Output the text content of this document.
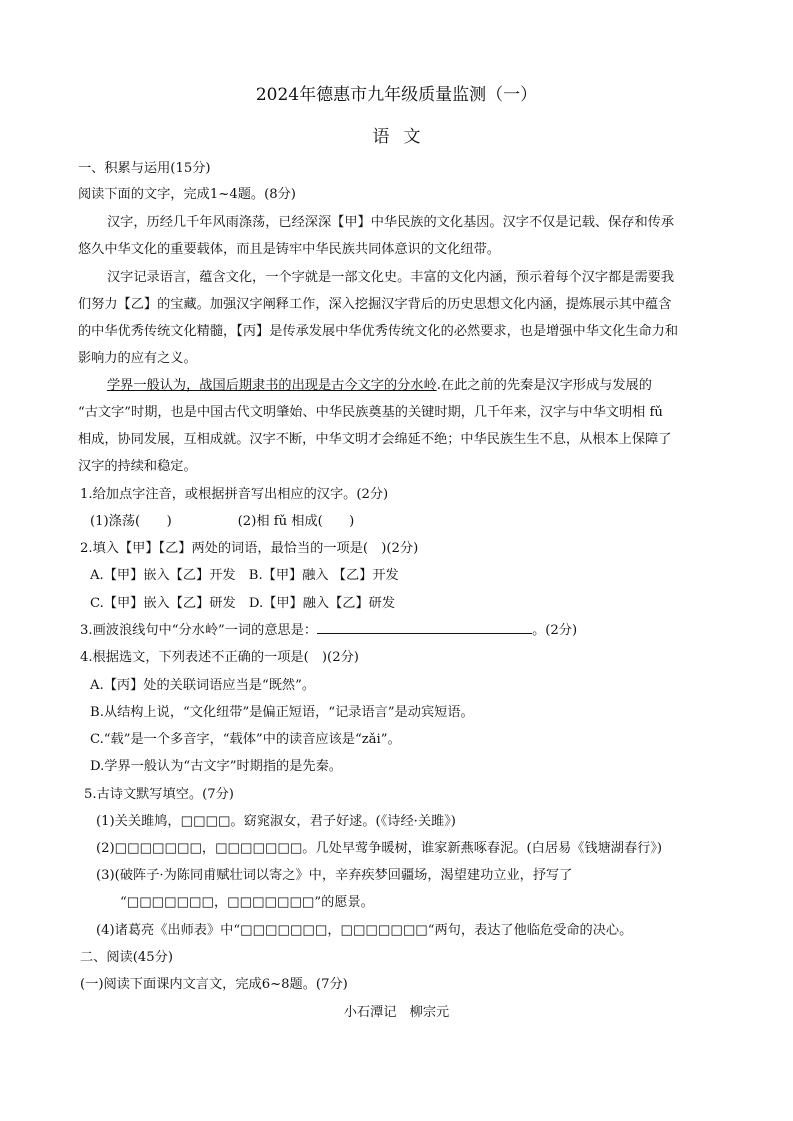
2024年德惠市九年级质量监测（一）
语文
一、积累与运用(15分)
阅读下面的文字，完成1~4题。(8分)
汉字，历经几千年风雨涤荡，已经深深【甲】中华民族的文化基因。汉字不仅是记载、保存和传承
悠久中华文化的重要载体，而且是铸牢中华民族共同体意识的文化纽带。
汉字记录语言，蕴含文化，一个字就是一部文化史。丰富的文化内涵，预示着每个汉字都是需要我
们努力【乙】的宝藏。加强汉字阐释工作，深入挖掘汉字背后的历史思想文化内涵，提炼展示其中蕴含
的中华优秀传统文化精髓，【丙】是传承发展中华优秀传统文化的必然要求，也是增强中华文化生命力和
影响力的应有之义。
学界一般认为，战国后期隶书的出现是古今文字的分水岭.在此之前的先秦是汉字形成与发展的
“古文字”时期，也是中国古代文明肇始、中华民族奠基的关键时期，几千年来，汉字与中华文明相 fǔ
相成，协同发展，互相成就。汉字不断，中华文明才会绵延不绝；中华民族生生不息，从根本上保障了
汉字的持续和稳定。
1.给加点字注音，或根据拼音写出相应的汉字。(2分)
(1)涤荡(　　)　　　　　(2)相 fǔ 相成(　　)
2.填入【甲】【乙】两处的词语，最恰当的一项是(　)(2分)
A.【甲】嵌入【乙】开发　B.【甲】融入 【乙】开发
C.【甲】嵌入【乙】研发　D.【甲】融入【乙】研发
3.画波浪线句中“分水岭”一词的意思是：	。(2分)
4.根据选文，下列表述不正确的一项是(　)(2分)
A.【丙】处的关联词语应当是“既然”。
B.从结构上说，“文化纽带”是偏正短语，“记录语言”是动宾短语。
C.“载”是一个多音字，“载体”中的读音应该是“zǎi”。
D.学界一般认为“古文字”时期指的是先秦。
5.古诗文默写填空。(7分)
(1)关关雎鸠，□□□□。窈窕淑女，君子好逑。(《诗经·关雎》)
(2)□□□□□□□，□□□□□□□。几处早莺争暖树，谁家新燕啄春泥。(白居易《钱塘湖春行》)
(3)(破阵子·为陈同甫赋壮词以寄之》中，辛弃疾梦回疆场，渴望建功立业，抒写了
“□□□□□□□，□□□□□□□”的愿景。
(4)诸葛亮《出师表》中“□□□□□□□，□□□□□□□“两句，表达了他临危受命的决心。
二、阅读(45分)
(一)阅读下面课内文言文，完成6~8题。(7分)
小石潭记　柳宗元
